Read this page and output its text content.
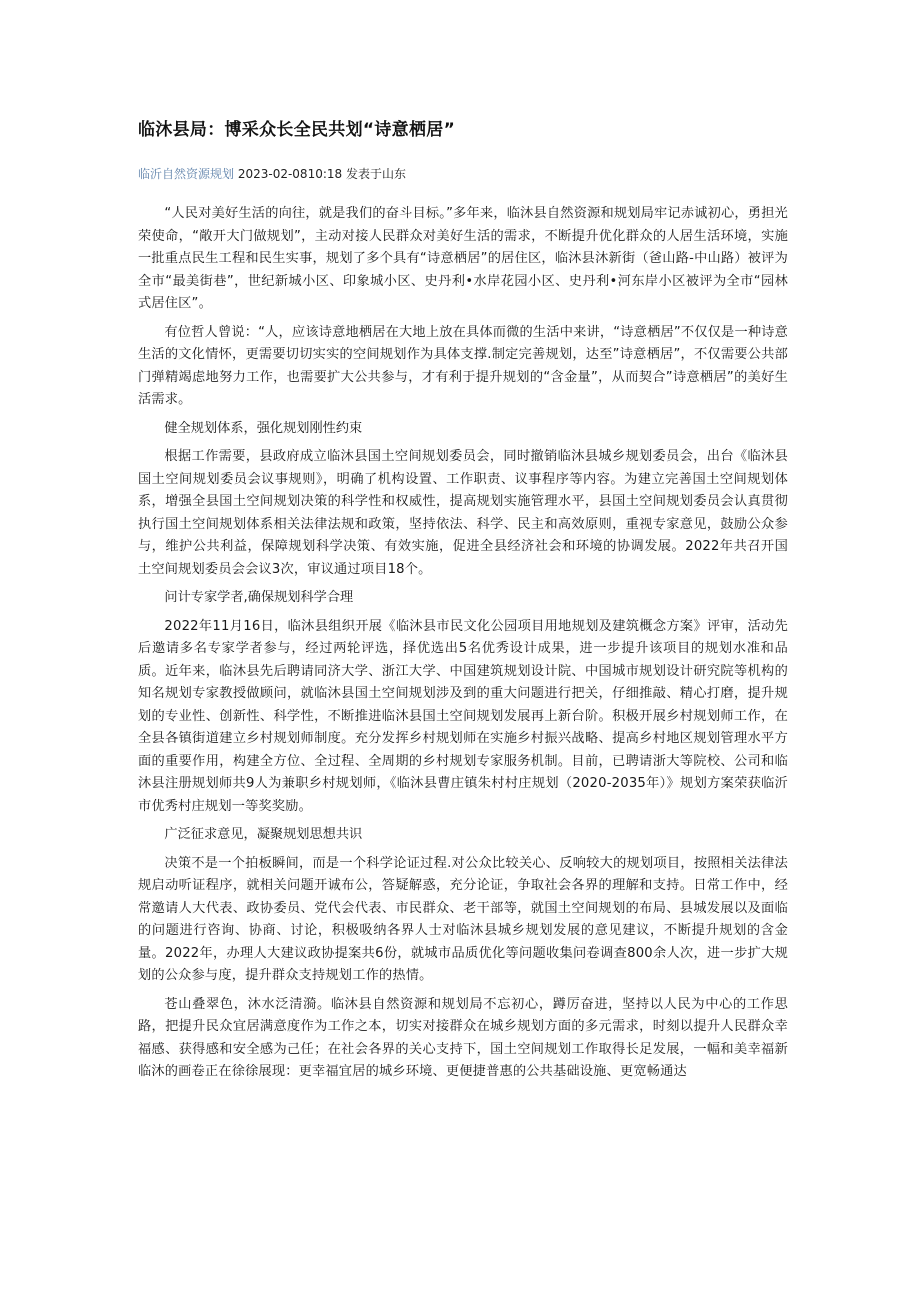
临沐县局：博采众长全民共划“诗意栖居”
临沂自然资源规划 2023-02-0810:18 发表于山东

“人民对美好生活的向往，就是我们的奋斗目标。”多年来，临沐县自然资源和规划局牢记赤诚初心，勇担光荣使命，“敞开大门做规划”，主动对接人民群众对美好生活的需求，不断提升优化群众的人居生活环境，实施一批重点民生工程和民生实事，规划了多个具有“诗意栖居”的居住区，临沐县沐新街（爸山路-中山路）被评为全市“最美街巷”，世纪新城小区、印象城小区、史丹利•水岸花园小区、史丹利•河东岸小区被评为全市“园林式居住区”。

有位哲人曾说：“人，应该诗意地栖居在大地上放在具体而微的生活中来讲，“诗意栖居”不仅仅是一种诗意生活的文化情怀，更需要切切实实的空间规划作为具体支撑.制定完善规划，达至”诗意栖居”，不仅需要公共部门弹精竭虑地努力工作，也需要扩大公共参与，才有利于提升规划的“含金量”，从而契合”诗意栖居”的美好生活需求。

健全规划体系，强化规划刚性约束

根据工作需要，县政府成立临沐县国土空间规划委员会，同时撤销临沐县城乡规划委员会，出台《临沐县国土空间规划委员会议事规则》，明确了机构设置、工作职责、议事程序等内容。为建立完善国土空间规划体系，增强全县国土空间规划决策的科学性和权威性，提高规划实施管理水平，县国土空间规划委员会认真贯彻执行国土空间规划体系相关法律法规和政策，坚持依法、科学、民主和高效原则，重视专家意见，鼓励公众参与，维护公共利益，保障规划科学决策、有效实施，促进全县经济社会和环境的协调发展。2022年共召开国土空间规划委员会会议3次，审议通过项目18个。

问计专家学者,确保规划科学合理

2022年11月16日，临沐县组织开展《临沐县市民文化公园项目用地规划及建筑概念方案》评审，活动先后邀请多名专家学者参与，经过两轮评选，择优选出5名优秀设计成果，进一步提升该项目的规划水准和品质。近年来，临沐县先后聘请同济大学、浙江大学、中国建筑规划设计院、中国城市规划设计研究院等机构的知名规划专家教授做顾问，就临沐县国土空间规划涉及到的重大问题进行把关，仔细推敲、精心打磨，提升规划的专业性、创新性、科学性，不断推进临沐县国土空间规划发展再上新台阶。积极开展乡村规划师工作，在全县各镇街道建立乡村规划师制度。充分发挥乡村规划师在实施乡村振兴战略、提高乡村地区规划管理水平方面的重要作用，构建全方位、全过程、全周期的乡村规划专家服务机制。目前，已聘请浙大等院校、公司和临沐县注册规划师共9人为兼职乡村规划师，《临沐县曹庄镇朱村村庄规划（2020-2035年）》规划方案荣获临沂市优秀村庄规划一等奖奖励。

广泛征求意见，凝聚规划思想共识

决策不是一个拍板瞬间，而是一个科学论证过程.对公众比较关心、反响较大的规划项目，按照相关法律法规启动听证程序，就相关问题开诚布公，答疑解惑，充分论证，争取社会各界的理解和支持。日常工作中，经常邀请人大代表、政协委员、党代会代表、市民群众、老干部等，就国土空间规划的布局、县城发展以及面临的问题进行咨询、协商、讨论，积极吸纳各界人士对临沐县城乡规划发展的意见建议，不断提升规划的含金量。2022年，办理人大建议政协提案共6份，就城市品质优化等问题收集问卷调查800余人次，进一步扩大规划的公众参与度，提升群众支持规划工作的热情。

苍山叠翠色，沐水泛清漪。临沐县自然资源和规划局不忘初心，蹲厉奋进，坚持以人民为中心的工作思路，把提升民众宜居满意度作为工作之本，切实对接群众在城乡规划方面的多元需求，时刻以提升人民群众幸福感、获得感和安全感为己任；在社会各界的关心支持下，国土空间规划工作取得长足发展，一幅和美幸福新临沐的画卷正在徐徐展现：更幸福宜居的城乡环境、更便捷普惠的公共基础设施、更宽畅通达
